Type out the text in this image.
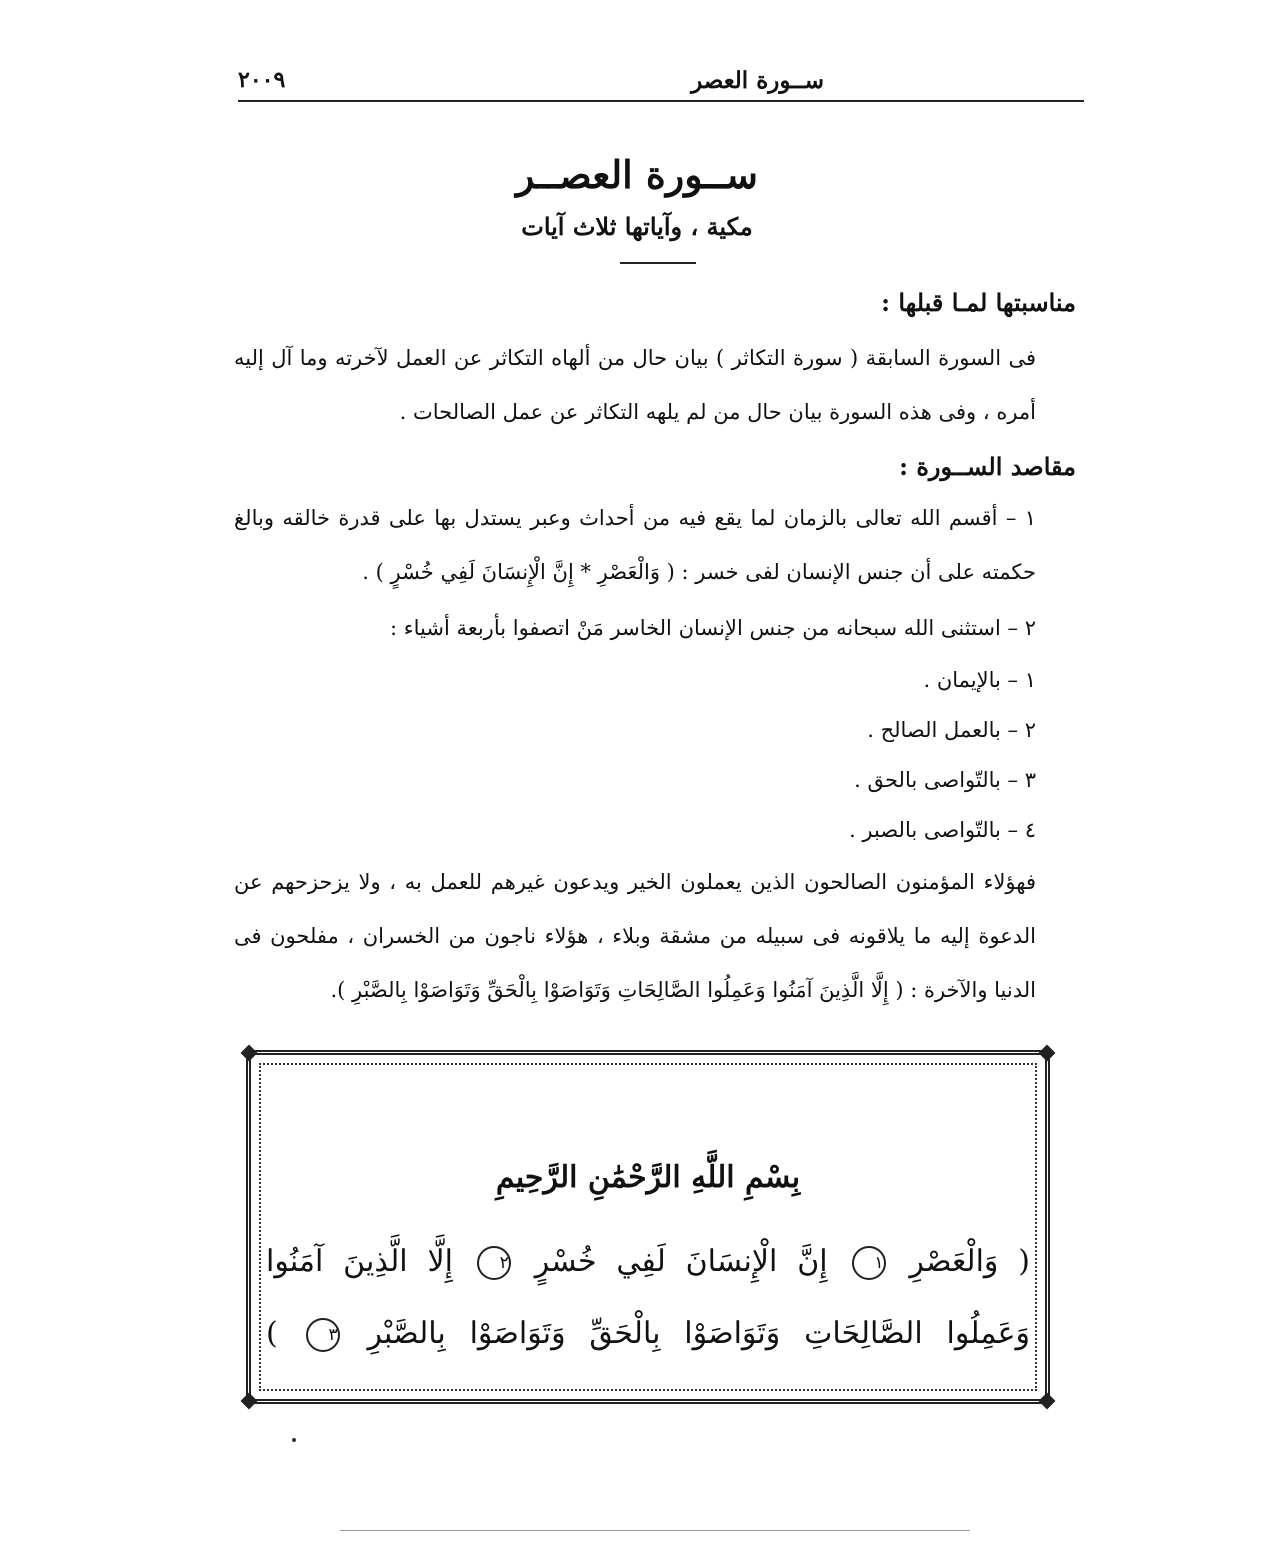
ســورة العصر
٢٠٠٩
ســورة العصــر
مكية ، وآياتها ثلاث آيات
مناسبتها لمـا قبلها :
فى السورة السابقة ( سورة التكاثر ) بيان حال من ألهاه التكاثر عن العمل لآخرته وما آل إليه أمره ، وفى هذه السورة بيان حال من لم يلهه التكاثر عن عمل الصالحات .
مقاصد الســورة :
١ – أقسم الله تعالى بالزمان لما يقع فيه من أحداث وعبر يستدل بها على قدرة خالقه وبالغ حكمته على أن جنس الإنسان لفى خسر : ( وَالْعَصْرِ * إِنَّ الْإِنسَانَ لَفِي خُسْرٍ ) .
٢ – استثنى الله سبحانه من جنس الإنسان الخاسر مَنْ اتصفوا بأربعة أشياء :
١ – بالإيمان .
٢ – بالعمل الصالح .
٣ – بالتّواصى بالحق .
٤ – بالتّواصى بالصبر .
فهؤلاء المؤمنون الصالحون الذين يعملون الخير ويدعون غيرهم للعمل به ، ولا يزحزحهم عن الدعوة إليه ما يلاقونه فى سبيله من مشقة وبلاء ، هؤلاء ناجون من الخسران ، مفلحون فى الدنيا والآخرة : ( إِلَّا الَّذِينَ آمَنُوا وَعَمِلُوا الصَّالِحَاتِ وَتَوَاصَوْا بِالْحَقِّ وَتَوَاصَوْا بِالصَّبْرِ ).
بِسْمِ اللَّهِ الرَّحْمَٰنِ الرَّحِيمِ
( وَالْعَصْرِ ١ إِنَّ الْإِنسَانَ لَفِي خُسْرٍ ٢ إِلَّا الَّذِينَ آمَنُوا
وَعَمِلُوا الصَّالِحَاتِ وَتَوَاصَوْا بِالْحَقِّ وَتَوَاصَوْا بِالصَّبْرِ ٣ )
